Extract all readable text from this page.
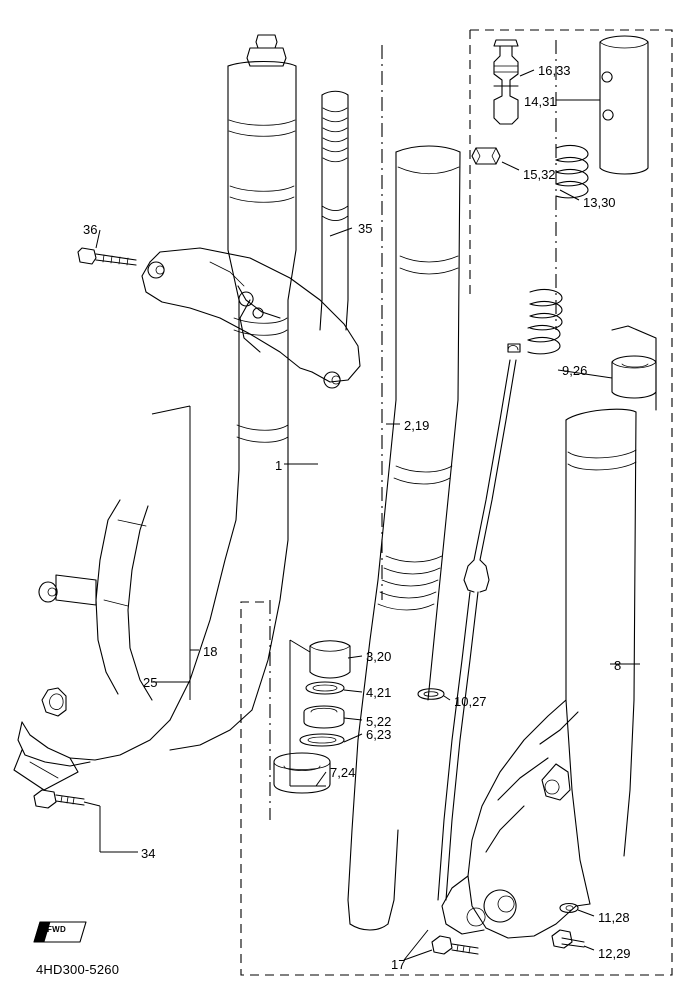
36	35
16,33
14,31
15,32
13,30
9,26
2,19
1
8
18
25
3,20
4,21
5,22
10,27
6,23
7,24
34
11,28
12,29
17
FWD
4HD300-5260
